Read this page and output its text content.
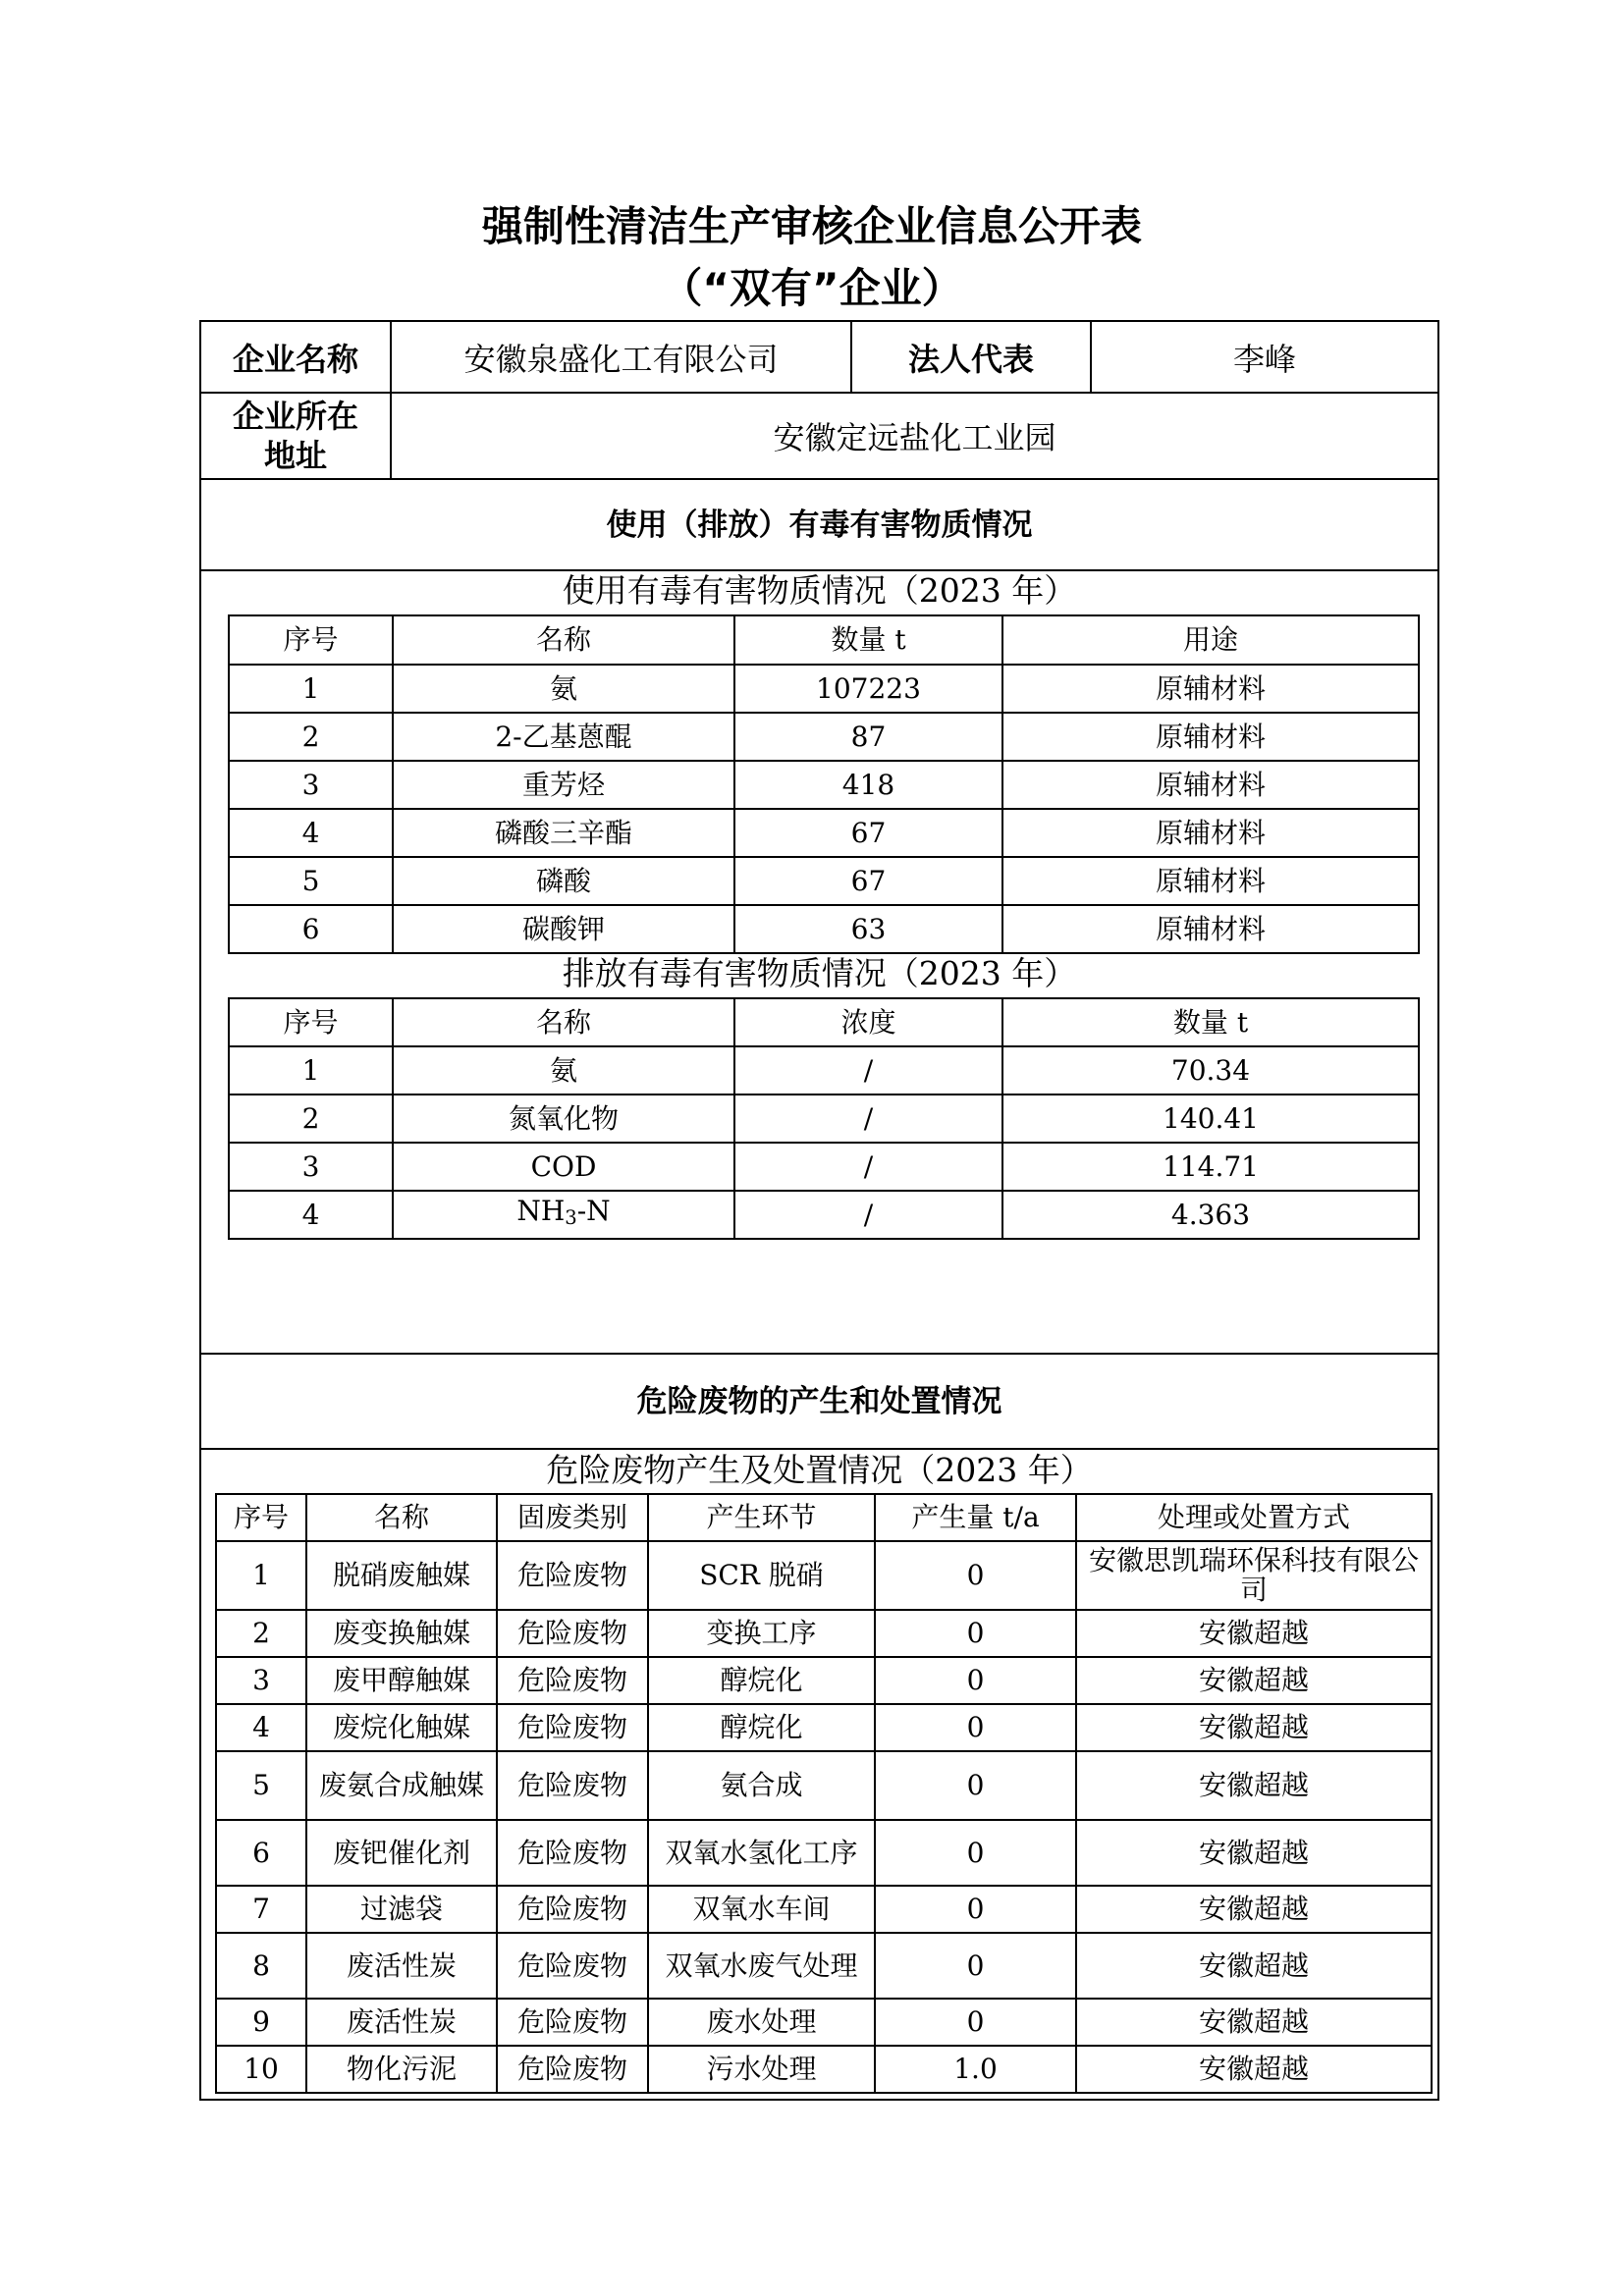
强制性清洁生产审核企业信息公开表
（“双有”企业）
企业名称	安徽泉盛化工有限公司	法人代表	李峰

企业所在
地址	安徽定远盐化工业园		
使用（排放）有毒有害物质情况
使用有毒有害物质情况（2023 年）
序号	名称	数量 t	用途
1	氨	107223	原辅材料
2	2-乙基蒽醌	87	原辅材料
3	重芳烃	418	原辅材料
4	磷酸三辛酯	67	原辅材料
5	磷酸	67	原辅材料
6	碳酸钾	63	原辅材料
排放有毒有害物质情况（2023 年）
序号	名称	浓度	数量 t
1	氨	/	70.34
2	氮氧化物	/	140.41
3	COD	/	114.71
4	$NH_3-N$	/	4.363
危险废物的产生和处置情况
危险废物产生及处置情况（2023 年）
序号	名称	固废类别	产生环节	产生量 t/a	处理或处置方式
1	脱硝废触媒	危险废物	SCR 脱硝	0	安徽思凯瑞环保科技有限公司
2	废变换触媒	危险废物	变换工序	0	安徽超越
3	废甲醇触媒	危险废物	醇烷化	0	安徽超越
4	废烷化触媒	危险废物	醇烷化	0	安徽超越
5	废氨合成触媒	危险废物	氨合成	0	安徽超越
6	废钯催化剂	危险废物	双氧水氢化工序	0	安徽超越
7	过滤袋	危险废物	双氧水车间	0	安徽超越
8	废活性炭	危险废物	双氧水废气处理	0	安徽超越
9	废活性炭	危险废物	废水处理	0	安徽超越
10	物化污泥	危险废物	污水处理	1.0	安徽超越
